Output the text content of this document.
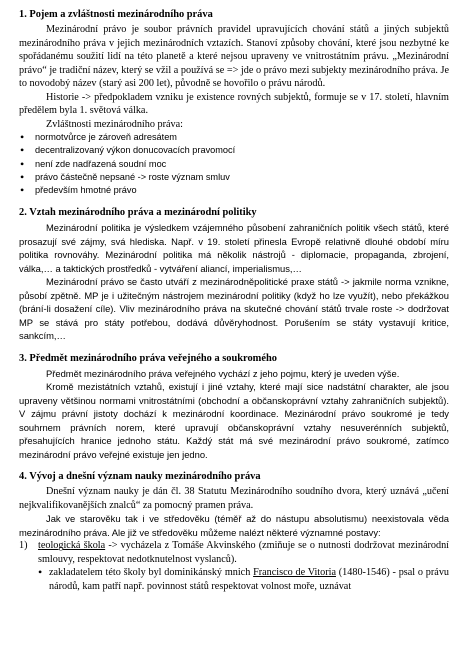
1. Pojem a zvláštnosti mezinárodního práva

Mezinárodní právo je soubor právních pravidel upravujících chování států a jiných subjektů mezinárodního práva v jejich mezinárodních vztazích. Stanoví způsoby chování, které jsou nezbytné ke spořádanému soužití lidí na této planetě a které nejsou upraveny ve vnitrostátním právu. „Mezinárodní právo“ je tradiční název, který se vžil a používá se => jde o právo mezi subjekty mezinárodního práva. Je to novodobý název (starý asi 200 let), původně se hovořilo o právu národů.

Historie -> předpokladem vzniku je existence rovných subjektů, formuje se v 17. století, hlavním předělem byla 1. světová válka.

Zvláštnosti mezinárodního práva:

• normotvůrce je zároveň adresátem
• decentralizovaný výkon donucovacích pravomocí
• není zde nadřazená soudní moc
• právo částečně nepsané -> roste význam smluv
• především hmotné právo
2. Vztah mezinárodního práva a mezinárodní politiky

Mezinárodní politika je výsledkem vzájemného působení zahraničních politik všech států, které prosazují své zájmy, svá hlediska. Např. v 19. století přinesla Evropě relativně dlouhé období míru politika rovnováhy. Mezinárodní politika má několik nástrojů - diplomacie, propaganda, zbrojení, válka,… a taktických prostředků - vytváření aliancí, imperialismus,…

Mezinárodní právo se často utváří z mezinárodněpolitické praxe států -> jakmile norma vznikne, působí zpětně. MP je i užitečným nástrojem mezinárodní politiky (když ho lze využít), nebo překážkou (brání-li dosažení cíle). Vliv mezinárodního práva na skutečné chování států trvale roste -> dodržovat MP se stává pro státy potřebou, dodává důvěryhodnost. Porušením se státy vystavují kritice, sankcím,…

3. Předmět mezinárodního práva veřejného a soukromého

Předmět mezinárodního práva veřejného vychází z jeho pojmu, který je uveden výše.

Kromě mezistátních vztahů, existují i jiné vztahy, které mají sice nadstátní charakter, ale jsou upraveny většinou normami vnitrostátními (obchodní a občanskoprávní vztahy zahraničních subjektů). V zájmu právní jistoty dochází k mezinárodní koordinace. Mezinárodní právo soukromé je tedy souhrnem právních norem, které upravují občanskoprávní vztahy nesuverénních subjektů, přesahujících hranice jednoho státu. Každý stát má své mezinárodní právo soukromé, zatímco mezinárodní právo veřejné existuje jen jedno.

4. Vývoj a dnešní význam nauky mezinárodního práva

Dnešní význam nauky je dán čl. 38 Statutu Mezinárodního soudního dvora, který uznává „učení nejkvalifikovanějších znalců“ za pomocný pramen práva.

Jak ve starověku tak i ve středověku (téměř až do nástupu absolutismu) neexistovala věda mezinárodního práva. Ale již ve středověku můžeme nalézt některé významné postavy:

1) teologická škola -> vycházela z Tomáše Akvinského (zmiňuje se o nutnosti dodržovat mezinárodní smlouvy, respektovat nedotknutelnost vyslanců).
• zakladatelem této školy byl dominikánský mnich Francisco de Vitoria (1480-1546) - psal o právu národů, kam patří např. povinnost států respektovat volnost moře, uznávat
